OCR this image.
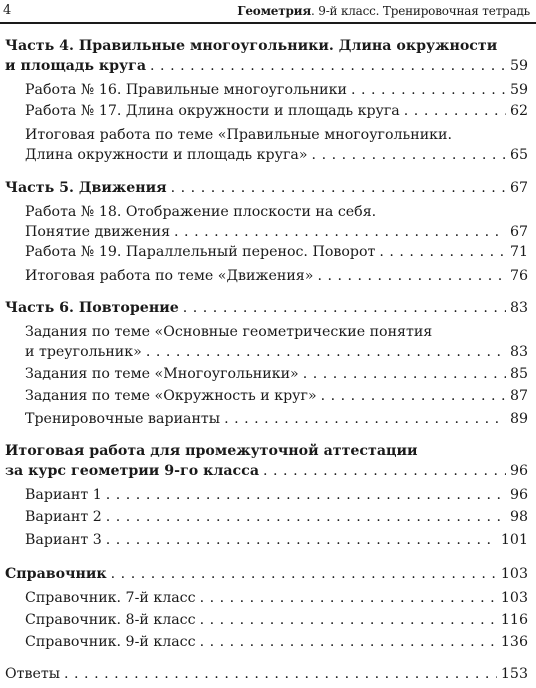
4	Геометрия. 9-й класс. Тренировочная тетрадь
Часть 4. Правильные многоугольники. Длина окружности
и площадь круга . . .	59
Работа № 16. Правильные многоугольники . . .	59
Работа № 17. Длина окружности и площадь круга . . .	62
Итоговая работа по теме «Правильные многоугольники.
Длина окружности и площадь круга» . . .	65
Часть 5. Движения . . .	67
Работа № 18. Отображение плоскости на себя.
Понятие движения . . .	67
Работа № 19. Параллельный перенос. Поворот . . .	71
Итоговая работа по теме «Движения» . . .	76
Часть 6. Повторение . . .	83
Задания по теме «Основные геометрические понятия
и треугольник» . . .	83
Задания по теме «Многоугольники» . . .	85
Задания по теме «Окружность и круг» . . .	87
Тренировочные варианты . . .	89
Итоговая работа для промежуточной аттестации
за курс геометрии 9-го класса . . .	96
Вариант 1 . . .	96
Вариант 2 . . .	98
Вариант 3 . . .	101
Справочник . . .	103
Справочник. 7-й класс . . .	103
Справочник. 8-й класс . . .	116
Справочник. 9-й класс . . .	136
Ответы . . .	153
